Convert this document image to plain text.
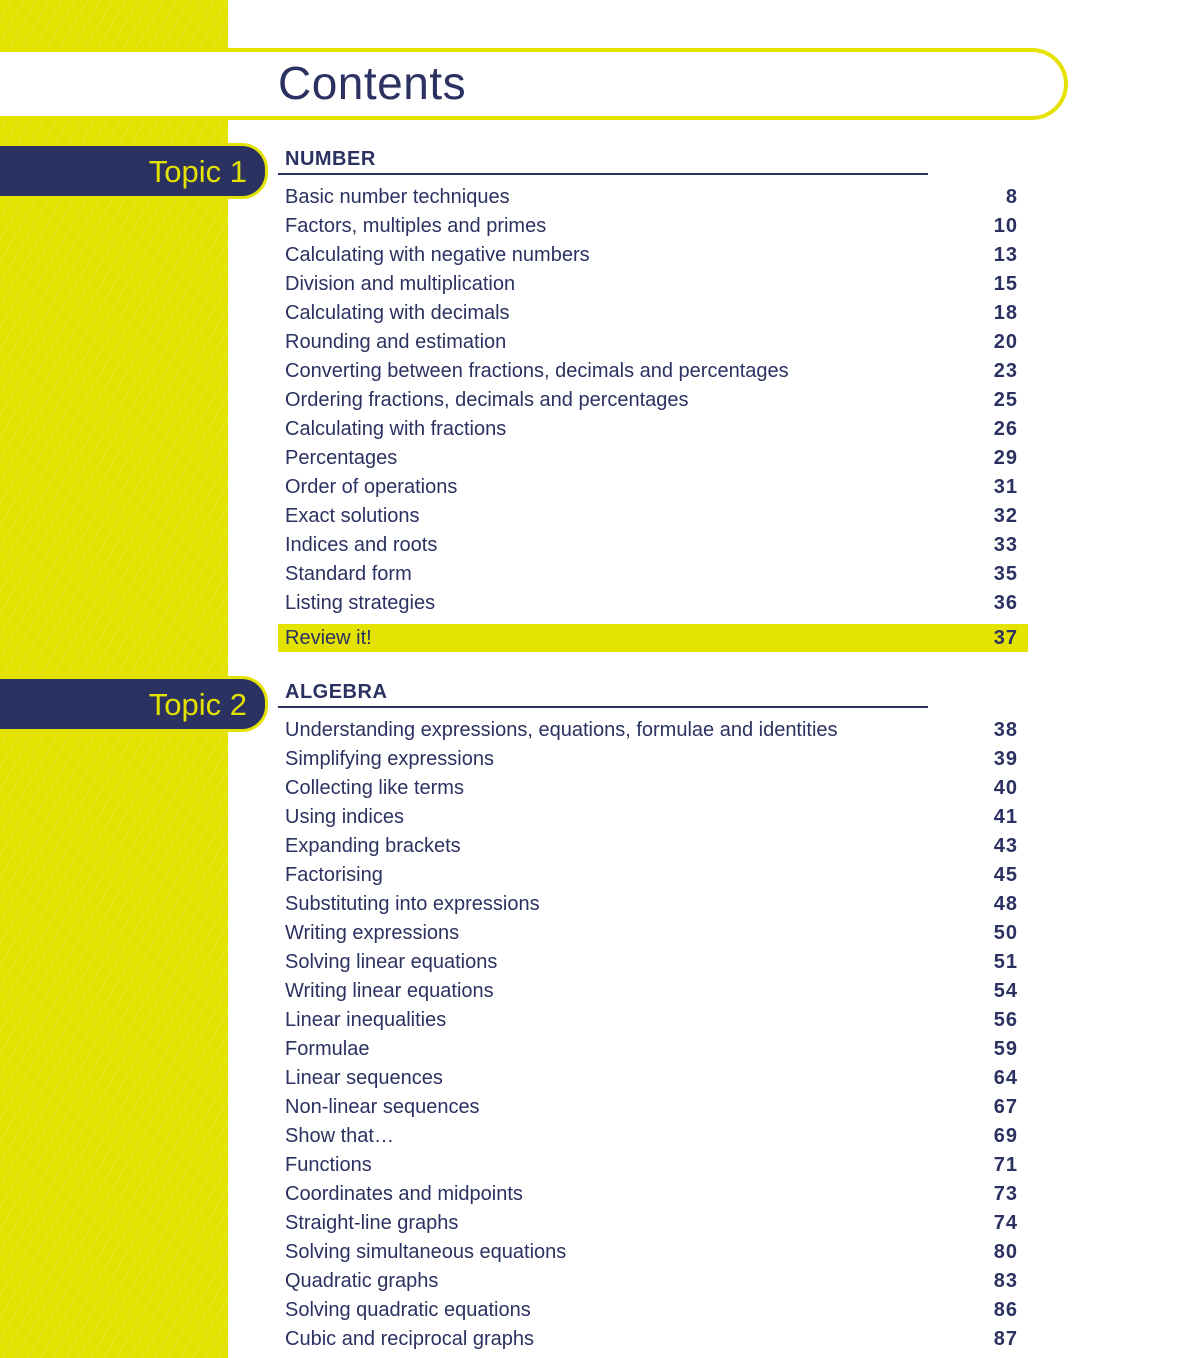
Contents
Topic 1	NUMBER
Basic number techniques	8
Factors, multiples and primes	10
Calculating with negative numbers	13
Division and multiplication	15
Calculating with decimals	18
Rounding and estimation	20
Converting between fractions, decimals and percentages	23
Ordering fractions, decimals and percentages	25
Calculating with fractions	26
Percentages	29
Order of operations	31
Exact solutions	32
Indices and roots	33
Standard form	35
Listing strategies	36
Review it!	37
Topic 2	ALGEBRA
Understanding expressions, equations, formulae and identities	38
Simplifying expressions	39
Collecting like terms	40
Using indices	41
Expanding brackets	43
Factorising	45
Substituting into expressions	48
Writing expressions	50
Solving linear equations	51
Writing linear equations	54
Linear inequalities	56
Formulae	59
Linear sequences	64
Non-linear sequences	67
Show that…	69
Functions	71
Coordinates and midpoints	73
Straight-line graphs	74
Solving simultaneous equations	80
Quadratic graphs	83
Solving quadratic equations	86
Cubic and reciprocal graphs	87
